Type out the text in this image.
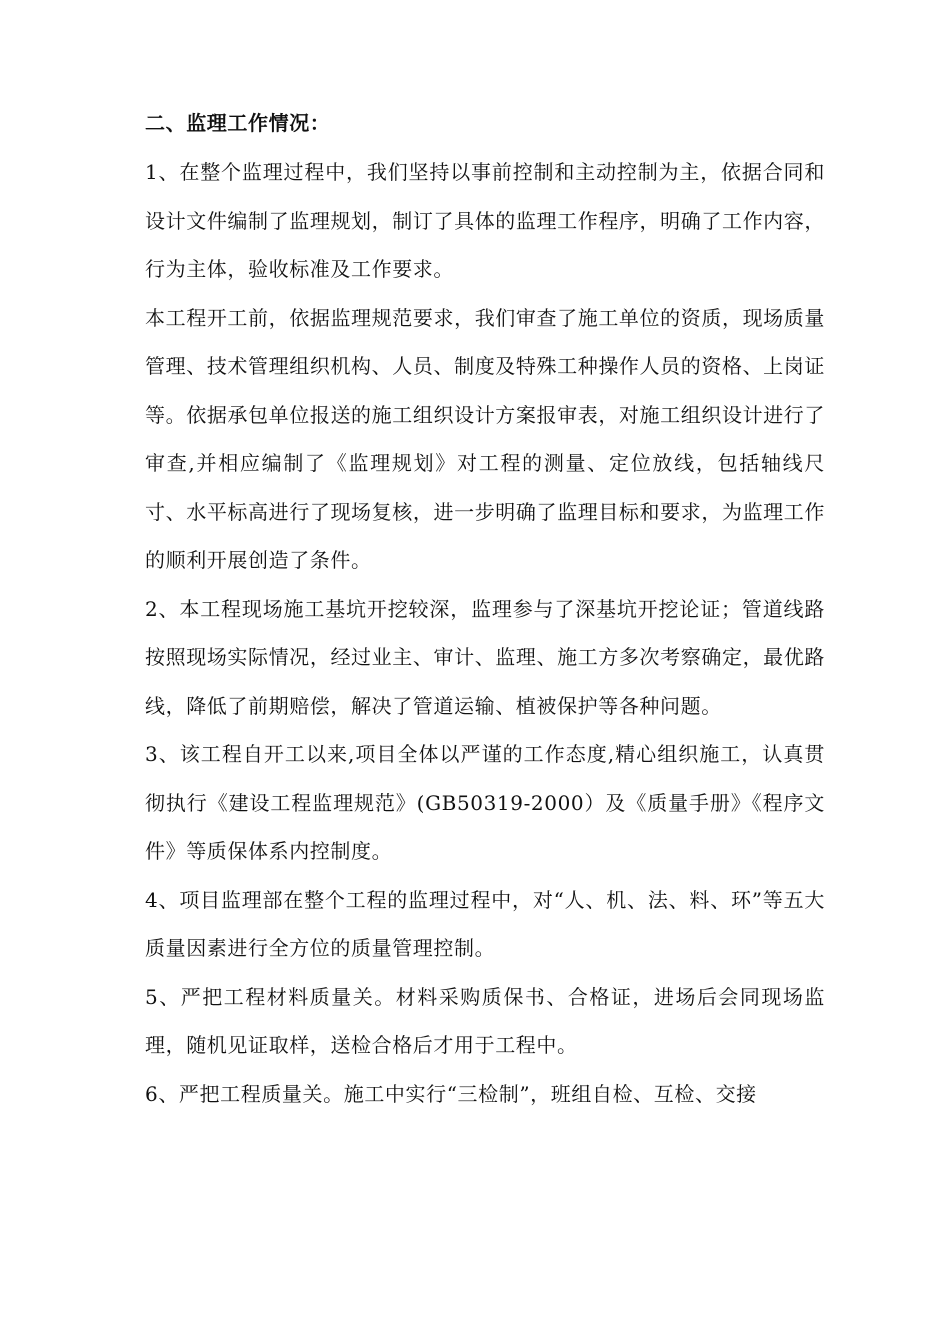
二、监理工作情况：

1、在整个监理过程中，我们坚持以事前控制和主动控制为主，依据合同和设计文件编制了监理规划，制订了具体的监理工作程序，明确了工作内容，行为主体，验收标准及工作要求。

本工程开工前，依据监理规范要求，我们审查了施工单位的资质，现场质量管理、技术管理组织机构、人员、制度及特殊工种操作人员的资格、上岗证等。依据承包单位报送的施工组织设计方案报审表，对施工组织设计进行了审查,并相应编制了《监理规划》对工程的测量、定位放线，包括轴线尺寸、水平标高进行了现场复核，进一步明确了监理目标和要求，为监理工作的顺利开展创造了条件。

2、本工程现场施工基坑开挖较深，监理参与了深基坑开挖论证；管道线路按照现场实际情况，经过业主、审计、监理、施工方多次考察确定，最优路线，降低了前期赔偿，解决了管道运输、植被保护等各种问题。

3、该工程自开工以来,项目全体以严谨的工作态度,精心组织施工，认真贯彻执行《建设工程监理规范》(GB50319-2000）及《质量手册》《程序文件》等质保体系内控制度。

4、项目监理部在整个工程的监理过程中，对“人、机、法、料、环”等五大质量因素进行全方位的质量管理控制。

5、严把工程材料质量关。材料采购质保书、合格证，进场后会同现场监理，随机见证取样，送检合格后才用于工程中。

6、严把工程质量关。施工中实行“三检制”，班组自检、互检、交接
